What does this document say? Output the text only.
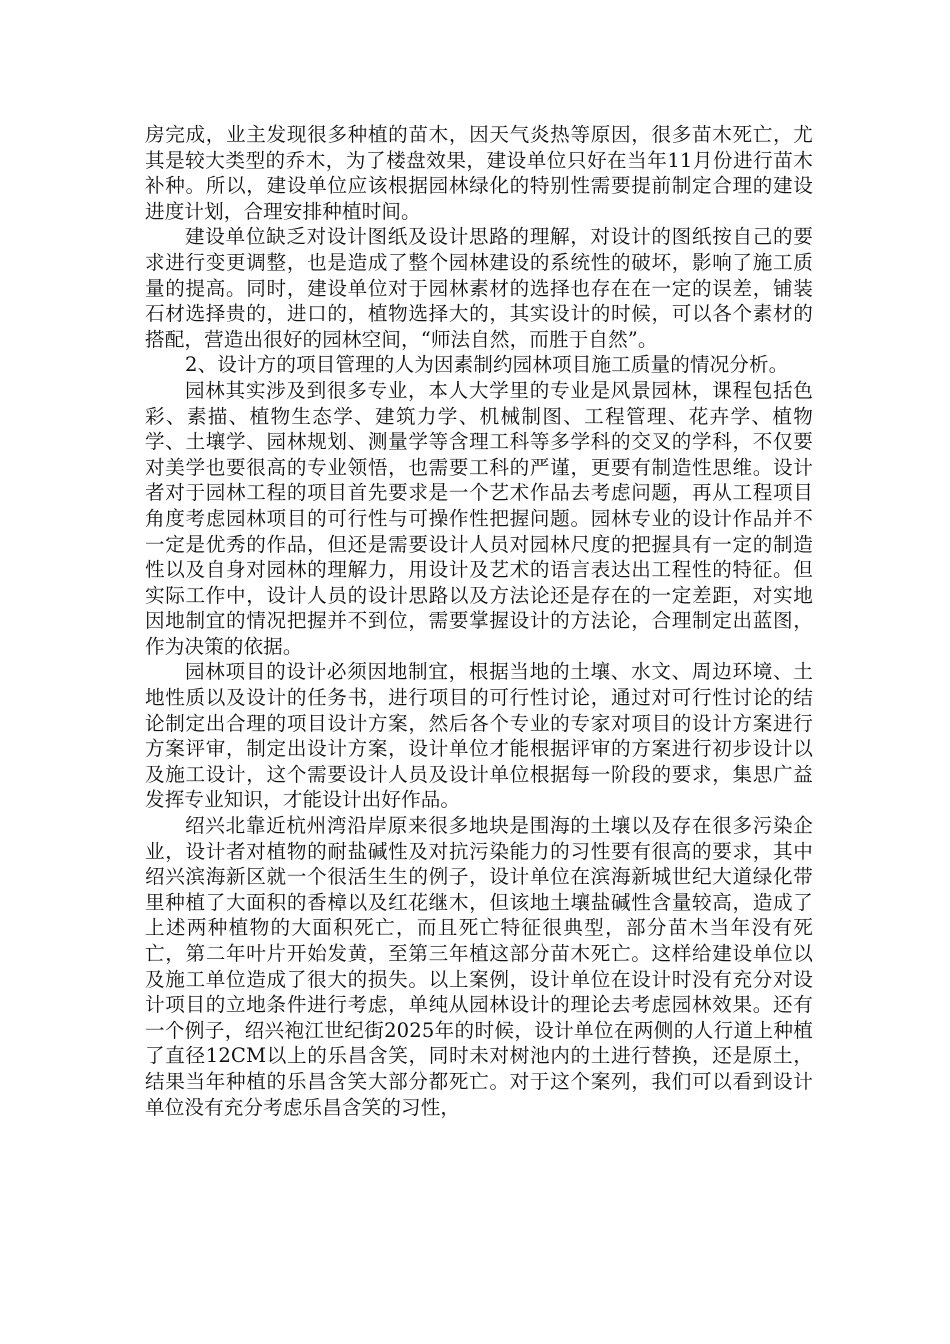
房完成，业主发现很多种植的苗木，因天气炎热等原因，很多苗木死亡，尤其是较大类型的乔木，为了楼盘效果，建设单位只好在当年11月份进行苗木补种。所以，建设单位应该根据园林绿化的特别性需要提前制定合理的建设进度计划，合理安排种植时间。

建设单位缺乏对设计图纸及设计思路的理解，对设计的图纸按自己的要求进行变更调整，也是造成了整个园林建设的系统性的破坏，影响了施工质量的提高。同时，建设单位对于园林素材的选择也存在在一定的误差，铺装石材选择贵的，进口的，植物选择大的，其实设计的时候，可以各个素材的搭配，营造出很好的园林空间，“师法自然，而胜于自然”。

2、设计方的项目管理的人为因素制约园林项目施工质量的情况分析。

园林其实涉及到很多专业，本人大学里的专业是风景园林，课程包括色彩、素描、植物生态学、建筑力学、机械制图、工程管理、花卉学、植物学、土壤学、园林规划、测量学等含理工科等多学科的交叉的学科，不仅要对美学也要很高的专业领悟，也需要工科的严谨，更要有制造性思维。设计者对于园林工程的项目首先要求是一个艺术作品去考虑问题，再从工程项目角度考虑园林项目的可行性与可操作性把握问题。园林专业的设计作品并不一定是优秀的作品，但还是需要设计人员对园林尺度的把握具有一定的制造性以及自身对园林的理解力，用设计及艺术的语言表达出工程性的特征。但实际工作中，设计人员的设计思路以及方法论还是存在的一定差距，对实地因地制宜的情况把握并不到位，需要掌握设计的方法论，合理制定出蓝图，作为决策的依据。

园林项目的设计必须因地制宜，根据当地的土壤、水文、周边环境、土地性质以及设计的任务书，进行项目的可行性讨论，通过对可行性讨论的结论制定出合理的项目设计方案，然后各个专业的专家对项目的设计方案进行方案评审，制定出设计方案，设计单位才能根据评审的方案进行初步设计以及施工设计，这个需要设计人员及设计单位根据每一阶段的要求，集思广益发挥专业知识，才能设计出好作品。

绍兴北靠近杭州湾沿岸原来很多地块是围海的土壤以及存在很多污染企业，设计者对植物的耐盐碱性及对抗污染能力的习性要有很高的要求，其中绍兴滨海新区就一个很活生生的例子，设计单位在滨海新城世纪大道绿化带里种植了大面积的香樟以及红花继木，但该地土壤盐碱性含量较高，造成了上述两种植物的大面积死亡，而且死亡特征很典型，部分苗木当年没有死亡，第二年叶片开始发黄，至第三年植这部分苗木死亡。这样给建设单位以及施工单位造成了很大的损失。以上案例，设计单位在设计时没有充分对设计项目的立地条件进行考虑，单纯从园林设计的理论去考虑园林效果。还有一个例子，绍兴袍江世纪街2025年的时候，设计单位在两侧的人行道上种植了直径12CM以上的乐昌含笑，同时未对树池内的土进行替换，还是原土，结果当年种植的乐昌含笑大部分都死亡。对于这个案列，我们可以看到设计单位没有充分考虑乐昌含笑的习性，
